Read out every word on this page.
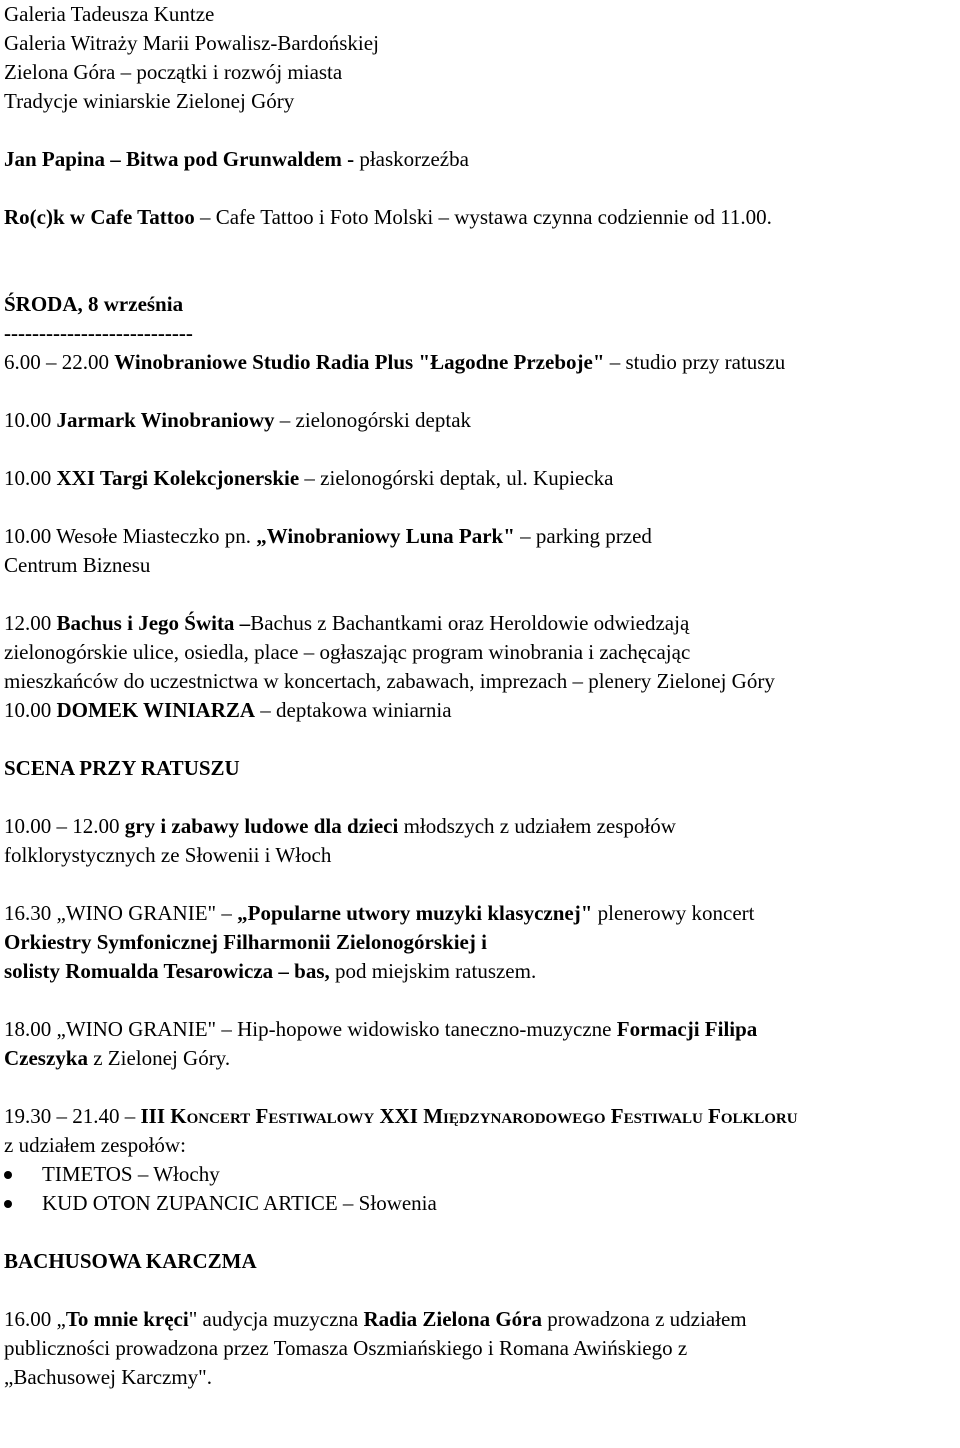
Galeria Tadeusza Kuntze

Galeria Witraży Marii Powalisz-Bardońskiej

Zielona Góra – początki i rozwój miasta

Tradycje winiarskie Zielonej Góry

Jan Papina – Bitwa pod Grunwaldem - płaskorzeźba

Ro(c)k w Cafe Tattoo – Cafe Tattoo i Foto Molski – wystawa czynna codziennie od 11.00.

ŚRODA, 8 września

---------------------------

6.00 – 22.00 Winobraniowe Studio Radia Plus "Łagodne Przeboje" – studio przy ratuszu

10.00 Jarmark Winobraniowy – zielonogórski deptak

10.00 XXI Targi Kolekcjonerskie – zielonogórski deptak, ul. Kupiecka

10.00 Wesołe Miasteczko pn. „Winobraniowy Luna Park" – parking przed

Centrum Biznesu

12.00 Bachus i Jego Świta –Bachus z Bachantkami oraz Heroldowie odwiedzają

zielonogórskie ulice, osiedla, place – ogłaszając program winobrania i zachęcając

mieszkańców do uczestnictwa w koncertach, zabawach, imprezach – plenery Zielonej Góry

10.00 DOMEK WINIARZA – deptakowa winiarnia

SCENA PRZY RATUSZU

10.00 – 12.00 gry i zabawy ludowe dla dzieci młodszych z udziałem zespołów

folklorystycznych ze Słowenii i Włoch

16.30 „WINO GRANIE" – „Popularne utwory muzyki klasycznej" plenerowy koncert

Orkiestry Symfonicznej Filharmonii Zielonogórskiej i

solisty Romualda Tesarowicza – bas, pod miejskim ratuszem.

18.00 „WINO GRANIE" – Hip-hopowe widowisko taneczno-muzyczne Formacji Filipa

Czeszyka z Zielonej Góry.

19.30 – 21.40 – III Koncert Festiwalowy XXI Międzynarodowego Festiwalu Folkloru

z udziałem zespołów:

TIMETOS – Włochy
KUD OTON ZUPANCIC ARTICE – Słowenia

BACHUSOWA KARCZMA

16.00 „To mnie kręci" audycja muzyczna Radia Zielona Góra prowadzona z udziałem

publiczności prowadzona przez Tomasza Oszmiańskiego i Romana Awińskiego z

„Bachusowej Karczmy".
